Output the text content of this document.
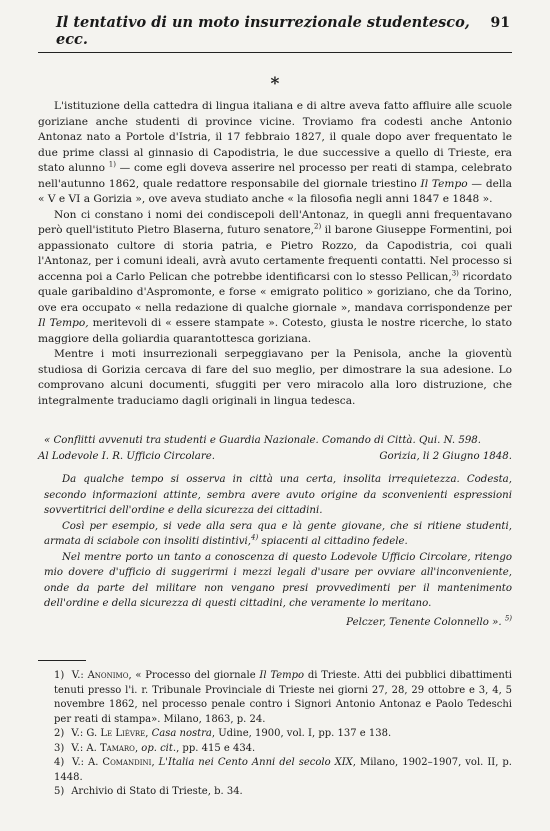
Il tentativo di un moto insurrezionale studentesco, ecc.
91
*

L'istituzione della cattedra di lingua italiana e di altre aveva fatto affluire alle scuole goriziane anche studenti di province vicine. Troviamo fra codesti anche Antonio Antonaz nato a Portole d'Istria, il 17 febbraio 1827, il quale dopo aver frequentato le due prime classi al ginnasio di Capodistria, le due successive a quello di Trieste, era stato alunno $^{1)}$ — come egli doveva asserire nel processo per reati di stampa, celebrato nell'autunno 1862, quale redattore responsabile del giornale triestino Il Tempo — della « V e VI a Gorizia », ove aveva studiato anche « la filosofia negli anni 1847 e 1848 ».

Non ci constano i nomi dei condiscepoli dell'Antonaz, in quegli anni frequentavano però quell'istituto Pietro Blaserna, futuro senatore,$^{2)}$ il barone Giuseppe Formentini, poi appassionato cultore di storia patria, e Pietro Rozzo, da Capodistria, coi quali l'Antonaz, per i comuni ideali, avrà avuto certamente frequenti contatti. Nel processo si accenna poi a Carlo Pelican che potrebbe identificarsi con lo stesso Pellican,$^{3)}$ ricordato quale garibaldino d'Aspromonte, e forse « emigrato politico » goriziano, che da Torino, ove era occupato « nella redazione di qualche giornale », mandava corrispondenze per Il Tempo, meritevoli di « essere stampate ». Cotesto, giusta le nostre ricerche, lo stato maggiore della goliardia quarantottesca goriziana.

Mentre i moti insurrezionali serpeggiavano per la Penisola, anche la gioventù studiosa di Gorizia cercava di fare del suo meglio, per dimostrare la sua adesione. Lo comprovano alcuni documenti, sfuggiti per vero miracolo alla loro distruzione, che integralmente traduciamo dagli originali in lingua tedesca.

« Conflitti avvenuti tra studenti e Guardia Nazionale. Comando di Città. Qui. N. 598.
Al Lodevole I. R. Ufficio Circolare.	Gorizia, li 2 Giugno 1848.

Da qualche tempo si osserva in città una certa, insolita irrequietezza. Codesta, secondo informazioni attinte, sembra avere avuto origine da sconvenienti espressioni sovvertitrici dell'ordine e della sicurezza dei cittadini.

Così per esempio, si vede alla sera qua e là gente giovane, che si ritiene studenti, armata di sciabole con insoliti distintivi,$^{4)}$ spiacenti al cittadino fedele.

Nel mentre porto un tanto a conoscenza di questo Lodevole Ufficio Circolare, ritengo mio dovere d'ufficio di suggerirmi i mezzi legali d'usare per ovviare all'inconveniente, onde da parte del militare non vengano presi provvedimenti per il mantenimento dell'ordine e della sicurezza di questi cittadini, che veramente lo meritano.

Pelczer, Tenente Colonnello ». $^{5)}$

1) V.: Anonimo, « Processo del giornale Il Tempo di Trieste. Atti dei pubblici dibattimenti tenuti presso l'i. r. Tribunale Provinciale di Trieste nei giorni 27, 28, 29 ottobre e 3, 4, 5 novembre 1862, nel processo penale contro i Signori Antonio Antonaz e Paolo Tedeschi per reati di stampa». Milano, 1863, p. 24.

2) V.: G. Le Lièvre, Casa nostra, Udine, 1900, vol. I, pp. 137 e 138.

3) V.: A. Tamaro, op. cit., pp. 415 e 434.

4) V.: A. Comandini, L'Italia nei Cento Anni del secolo XIX, Milano, 1902–1907, vol. II, p. 1448.

5) Archivio di Stato di Trieste, b. 34.
